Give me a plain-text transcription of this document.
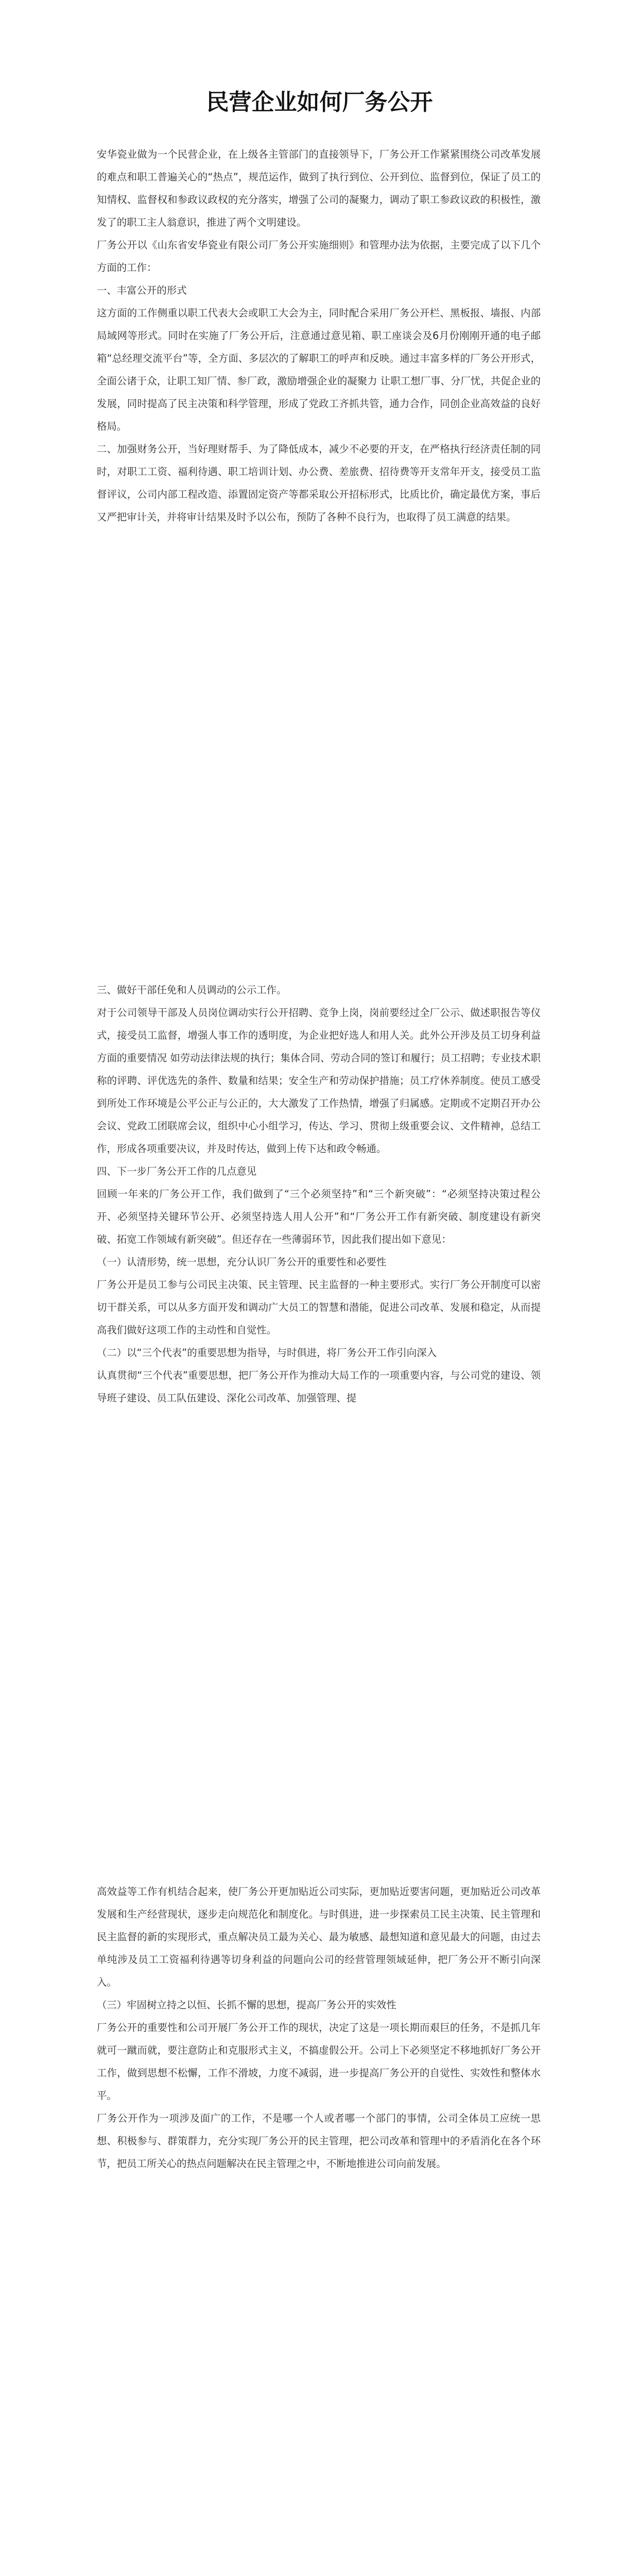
民营企业如何厂务公开

安华瓷业做为一个民营企业，在上级各主管部门的直接领导下，厂务公开工作紧紧围绕公司改革发展的难点和职工普遍关心的“热点”，规范运作，做到了执行到位、公开到位、监督到位，保证了员工的知情权、监督权和参政议政权的充分落实，增强了公司的凝聚力，调动了职工参政议政的积极性，激发了的职工主人翁意识，推进了两个文明建设。

厂务公开以《山东省安华瓷业有限公司厂务公开实施细则》和管理办法为依据，主要完成了以下几个方面的工作：

一、丰富公开的形式

这方面的工作侧重以职工代表大会或职工大会为主，同时配合采用厂务公开栏、黑板报、墙报、内部局域网等形式。同时在实施了厂务公开后，注意通过意见箱、职工座谈会及6月份刚刚开通的电子邮箱“总经理交流平台”等，全方面、多层次的了解职工的呼声和反映。通过丰富多样的厂务公开形式，全面公诸于众，让职工知厂情、参厂政，激励增强企业的凝聚力 让职工想厂事、分厂忧，共促企业的发展，同时提高了民主决策和科学管理，形成了党政工齐抓共管，通力合作，同创企业高效益的良好格局。

二、加强财务公开，当好理财帮手、为了降低成本，减少不必要的开支，在严格执行经济责任制的同时，对职工工资、福利待遇、职工培训计划、办公费、差旅费、招待费等开支常年开支，接受员工监督评议，公司内部工程改造、添置固定资产等都采取公开招标形式，比质比价，确定最优方案，事后又严把审计关，并将审计结果及时予以公布，预防了各种不良行为，也取得了员工满意的结果。

三、做好干部任免和人员调动的公示工作。

对于公司领导干部及人员岗位调动实行公开招聘、竞争上岗，岗前要经过全厂公示、做述职报告等仪式，接受员工监督，增强人事工作的透明度，为企业把好选人和用人关。此外公开涉及员工切身利益方面的重要情况 如劳动法律法规的执行；集体合同、劳动合同的签订和履行；员工招聘；专业技术职称的评聘、评优选先的条件、数量和结果；安全生产和劳动保护措施；员工疗休养制度。使员工感受到所处工作环境是公平公正与公正的，大大激发了工作热情，增强了归属感。定期或不定期召开办公会议、党政工团联席会议，组织中心小组学习，传达、学习、贯彻上级重要会议、文件精神，总结工作，形成各项重要决议，并及时传达，做到上传下达和政令畅通。

四、下一步厂务公开工作的几点意见

回顾一年来的厂务公开工作，我们做到了“三个必须坚持”和“三个新突破”：“必须坚持决策过程公开、必须坚持关键环节公开、必须坚持选人用人公开”和“厂务公开工作有新突破、制度建设有新突破、拓宽工作领域有新突破”。但还存在一些薄弱环节，因此我们提出如下意见：

（一）认清形势，统一思想，充分认识厂务公开的重要性和必要性

厂务公开是员工参与公司民主决策、民主管理、民主监督的一种主要形式。实行厂务公开制度可以密切干群关系，可以从多方面开发和调动广大员工的智慧和潜能，促进公司改革、发展和稳定，从而提高我们做好这项工作的主动性和自觉性。

（二）以“三个代表”的重要思想为指导，与时俱进，将厂务公开工作引向深入

认真贯彻“三个代表”重要思想，把厂务公开作为推动大局工作的一项重要内容，与公司党的建设、领导班子建设、员工队伍建设、深化公司改革、加强管理、提

高效益等工作有机结合起来，使厂务公开更加贴近公司实际，更加贴近要害问题，更加贴近公司改革发展和生产经营现状，逐步走向规范化和制度化。与时俱进，进一步探索员工民主决策、民主管理和民主监督的新的实现形式，重点解决员工最为关心、最为敏感、最想知道和意见最大的问题，由过去单纯涉及员工工资福利待遇等切身利益的问题向公司的经营管理领域延伸，把厂务公开不断引向深入。

（三）牢固树立持之以恒、长抓不懈的思想，提高厂务公开的实效性

厂务公开的重要性和公司开展厂务公开工作的现状，决定了这是一项长期而艰巨的任务，不是抓几年就可一蹴而就，要注意防止和克服形式主义，不搞虚假公开。公司上下必须坚定不移地抓好厂务公开工作，做到思想不松懈，工作不滑坡，力度不减弱，进一步提高厂务公开的自觉性、实效性和整体水平。

厂务公开作为一项涉及面广的工作，不是哪一个人或者哪一个部门的事情，公司全体员工应统一思想、积极参与、群策群力，充分实现厂务公开的民主管理，把公司改革和管理中的矛盾消化在各个环节，把员工所关心的热点问题解决在民主管理之中，不断地推进公司向前发展。
